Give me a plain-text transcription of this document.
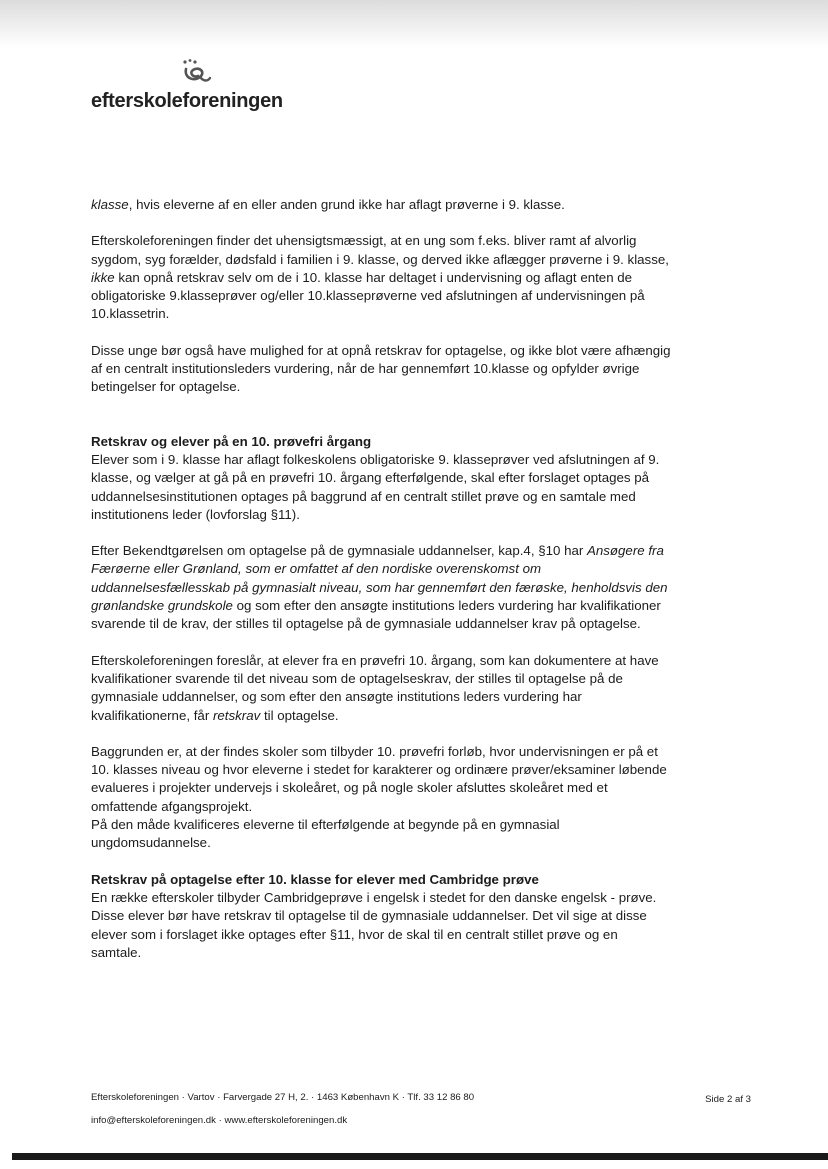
efterskoleforeningen

klasse, hvis eleverne af en eller anden grund ikke har aflagt prøverne i 9. klasse.

Efterskoleforeningen finder det uhensigtsmæssigt, at en ung som f.eks. bliver ramt af alvorlig sygdom, syg forælder, dødsfald i familien i 9. klasse, og derved ikke aflægger prøverne i 9. klasse, ikke kan opnå retskrav selv om de i 10. klasse har deltaget i undervisning og aflagt enten de obligatoriske 9.klasseprøver og/eller 10.klasseprøverne ved afslutningen af undervisningen på 10.klassetrin.

Disse unge bør også have mulighed for at opnå retskrav for optagelse, og ikke blot være afhængig af en centralt institutionsleders vurdering, når de har gennemført 10.klasse og opfylder øvrige betingelser for optagelse.

Retskrav og elever på en 10. prøvefri årgang
Elever som i 9. klasse har aflagt folkeskolens obligatoriske 9. klasseprøver ved afslutningen af 9. klasse, og vælger at gå på en prøvefri 10. årgang efterfølgende, skal efter forslaget optages på uddannelsesinstitutionen optages på baggrund af en centralt stillet prøve og en samtale med institutionens leder (lovforslag §11).

Efter Bekendtgørelsen om optagelse på de gymnasiale uddannelser, kap.4, §10 har Ansøgere fra Færøerne eller Grønland, som er omfattet af den nordiske overenskomst om uddannelsesfællesskab på gymnasialt niveau, som har gennemført den færøske, henholdsvis den grønlandske grundskole og som efter den ansøgte institutions leders vurdering har kvalifikationer svarende til de krav, der stilles til optagelse på de gymnasiale uddannelser krav på optagelse.

Efterskoleforeningen foreslår, at elever fra en prøvefri 10. årgang, som kan dokumentere at have kvalifikationer svarende til det niveau som de optagelseskrav, der stilles til optagelse på de gymnasiale uddannelser, og som efter den ansøgte institutions leders vurdering har kvalifikationerne, får retskrav til optagelse.

Baggrunden er, at der findes skoler som tilbyder 10. prøvefri forløb, hvor undervisningen er på et 10. klasses niveau og hvor eleverne i stedet for karakterer og ordinære prøver/eksaminer løbende evalueres i projekter undervejs i skoleåret, og på nogle skoler afsluttes skoleåret med et omfattende afgangsprojekt.

På den måde kvalificeres eleverne til efterfølgende at begynde på en gymnasial ungdomsudannelse.

Retskrav på optagelse efter 10. klasse for elever med Cambridge prøve
En række efterskoler tilbyder Cambridgeprøve i engelsk i stedet for den danske engelsk - prøve. Disse elever bør have retskrav til optagelse til de gymnasiale uddannelser. Det vil sige at disse elever som i forslaget ikke optages efter §11, hvor de skal til en centralt stillet prøve og en samtale.

Efterskoleforeningen · Vartov · Farvergade 27 H, 2. · 1463 København K · Tlf. 33 12 86 80
info@efterskoleforeningen.dk · www.efterskoleforeningen.dk
Side 2 af 3
